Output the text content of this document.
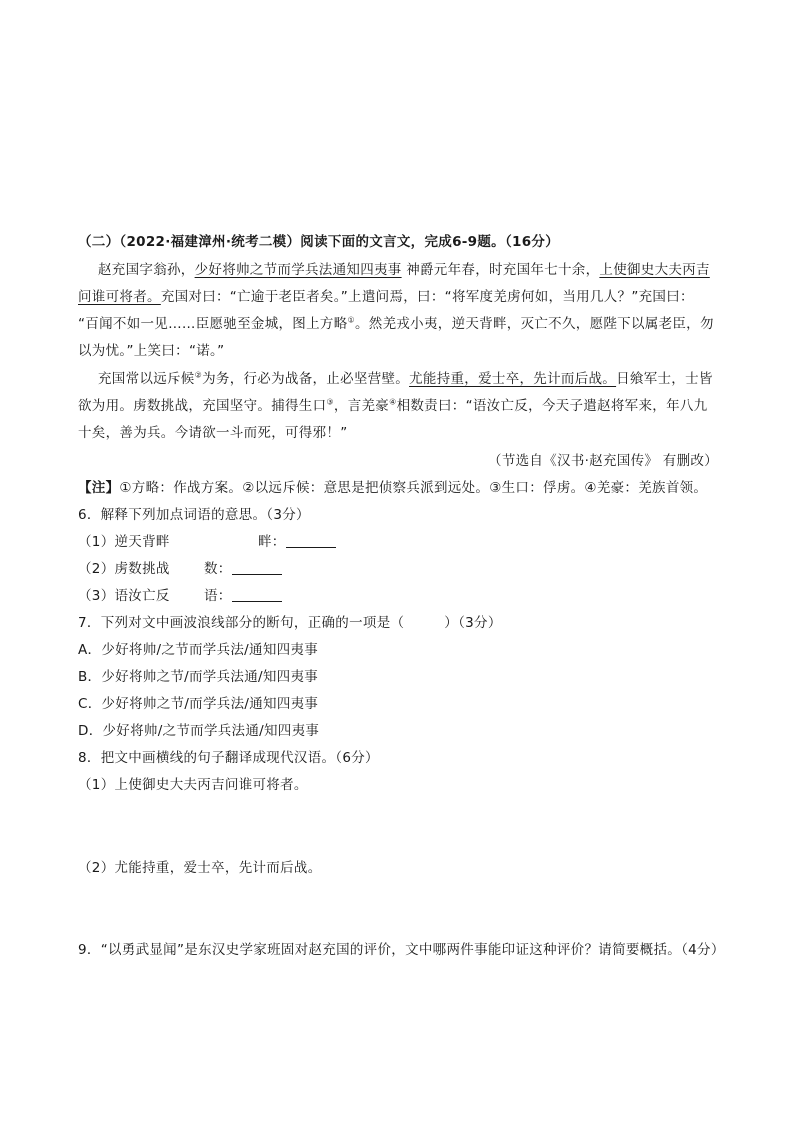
（二）（2022·福建漳州·统考二模）阅读下面的文言文，完成6-9题。（16分）
赵充国字翁孙，少好将帅之节而学兵法通知四夷事 神爵元年春，时充国年七十余，上使御史大夫丙吉
问谁可将者。充国对曰：“亡逾于老臣者矣。”上遣问焉，曰：“将军度羌虏何如，当用几人？”充国曰：
“百闻不如一见……臣愿驰至金城，图上方略①。然羌戎小夷，逆天背畔，灭亡不久，愿陛下以属老臣，勿
以为忧。”上笑曰：“诺。”
充国常以远斥候②为务，行必为战备，止必坚营壁。尤能持重，爱士卒，先计而后战。日飨军士，士皆
欲为用。虏数挑战，充国坚守。捕得生口③，言羌豪④相数责曰：“语汝亡反，今天子遣赵将军来，年八九
十矣，善为兵。今请欲一斗而死，可得邪！”
（节选自《汉书·赵充国传》 有删改）
【注】①方略：作战方案。②以远斥候：意思是把侦察兵派到远处。③生口：俘虏。④羌豪：羌族首领。
6．解释下列加点词语的意思。（3分）
（1）逆天背畔	畔：
（2）虏数挑战	数：
（3）语汝亡反	语：
7．下列对文中画波浪线部分的断句，正确的一项是（	）（3分）
A．少好将帅/之节而学兵法/通知四夷事
B．少好将帅之节/而学兵法通/知四夷事
C．少好将帅之节/而学兵法/通知四夷事
D．少好将帅/之节而学兵法通/知四夷事
8．把文中画横线的句子翻译成现代汉语。（6分）
（1）上使御史大夫丙吉问谁可将者。
（2）尤能持重，爱士卒，先计而后战。
9．“以勇武显闻”是东汉史学家班固对赵充国的评价，文中哪两件事能印证这种评价？请简要概括。（4分）
